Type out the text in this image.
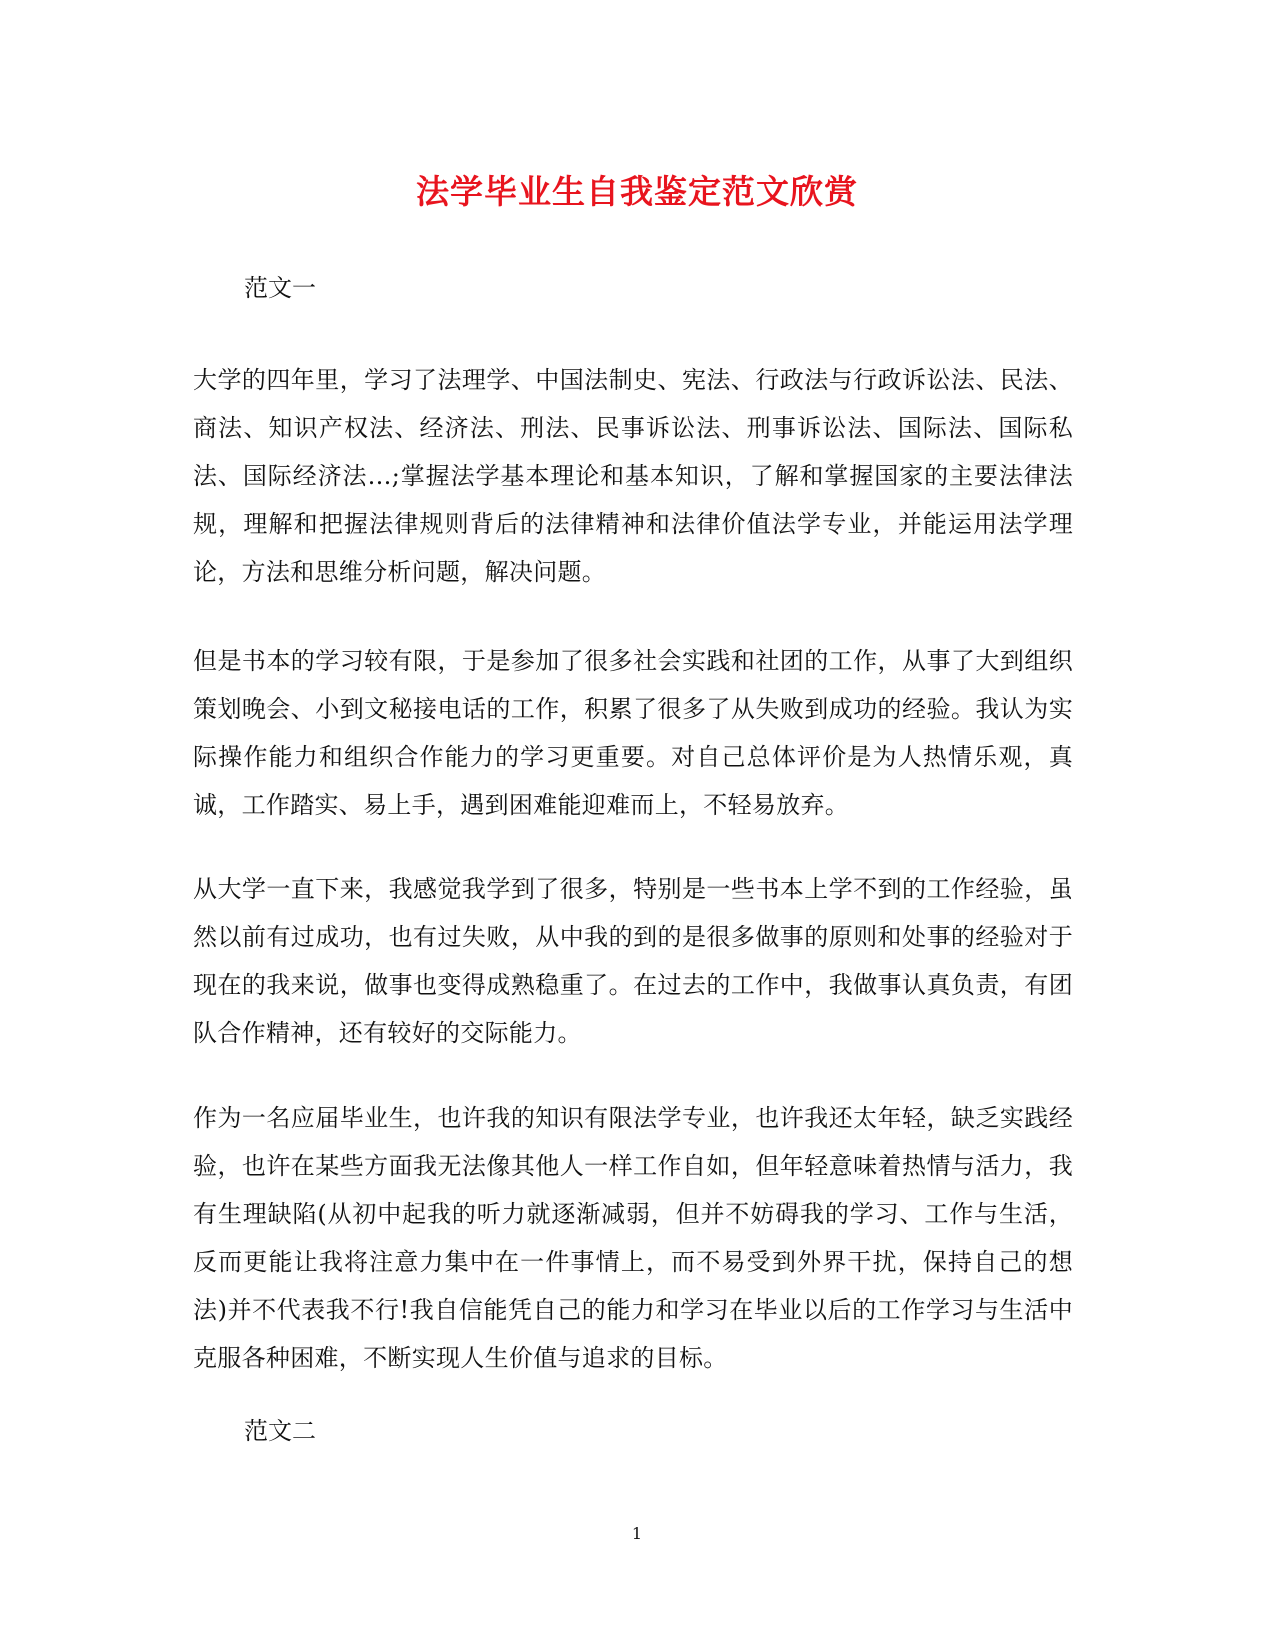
法学毕业生自我鉴定范文欣赏
范文一
大学的四年里，学习了法理学、中国法制史、宪法、行政法与行政诉讼法、民法、商法、知识产权法、经济法、刑法、民事诉讼法、刑事诉讼法、国际法、国际私法、国际经济法…;掌握法学基本理论和基本知识，了解和掌握国家的主要法律法规，理解和把握法律规则背后的法律精神和法律价值法学专业，并能运用法学理论，方法和思维分析问题，解决问题。
但是书本的学习较有限，于是参加了很多社会实践和社团的工作，从事了大到组织策划晚会、小到文秘接电话的工作，积累了很多了从失败到成功的经验。我认为实际操作能力和组织合作能力的学习更重要。对自己总体评价是为人热情乐观，真诚，工作踏实、易上手，遇到困难能迎难而上，不轻易放弃。
从大学一直下来，我感觉我学到了很多，特别是一些书本上学不到的工作经验，虽然以前有过成功，也有过失败，从中我的到的是很多做事的原则和处事的经验对于现在的我来说，做事也变得成熟稳重了。在过去的工作中，我做事认真负责，有团队合作精神，还有较好的交际能力。
作为一名应届毕业生，也许我的知识有限法学专业，也许我还太年轻，缺乏实践经验，也许在某些方面我无法像其他人一样工作自如，但年轻意味着热情与活力，我有生理缺陷(从初中起我的听力就逐渐减弱，但并不妨碍我的学习、工作与生活，反而更能让我将注意力集中在一件事情上，而不易受到外界干扰，保持自己的想法)并不代表我不行!我自信能凭自己的能力和学习在毕业以后的工作学习与生活中克服各种困难，不断实现人生价值与追求的目标。
范文二
1
